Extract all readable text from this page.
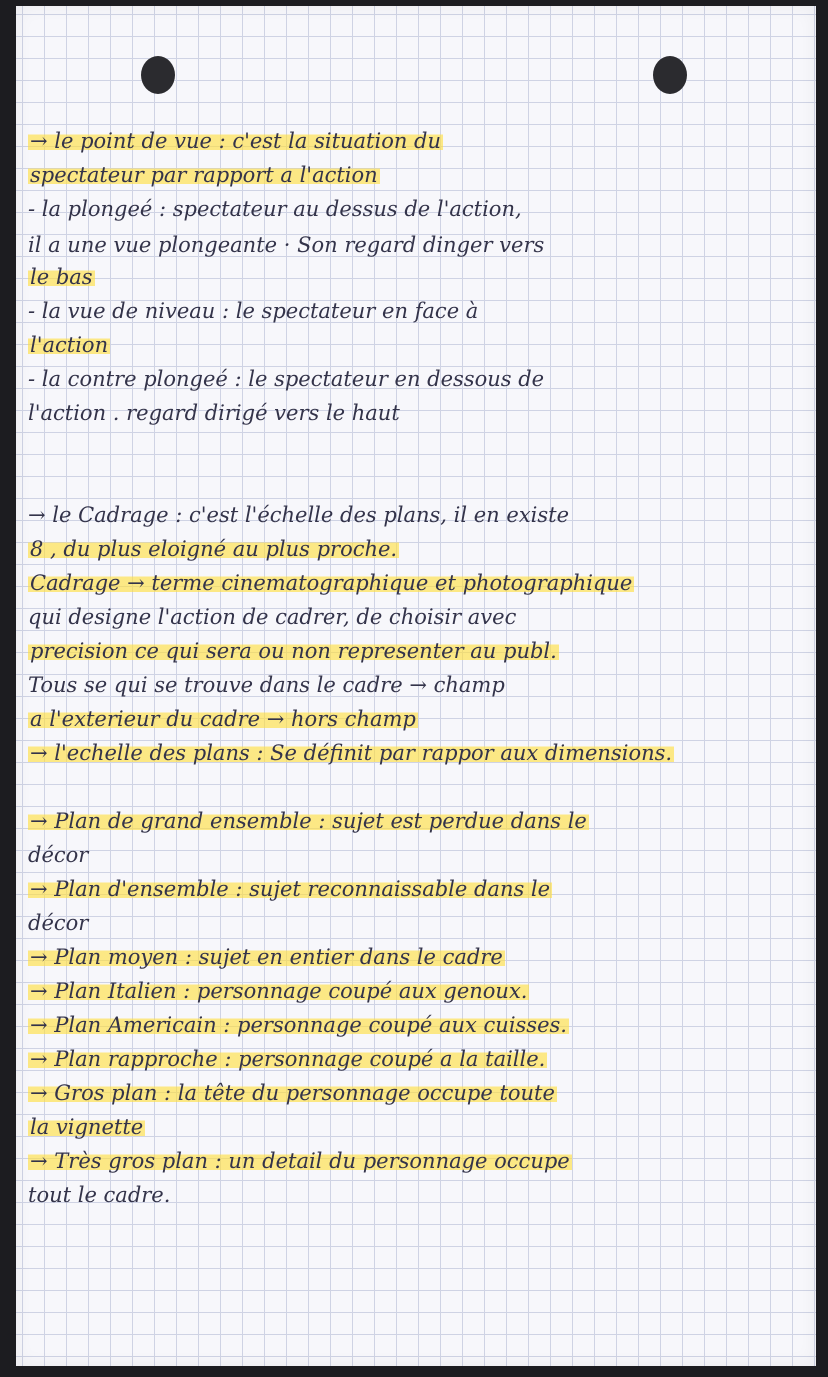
→ le point de vue : c'est la situation du
spectateur par rapport a l'action
- la plongeé : spectateur au dessus de l'action,
il a une vue plongeante · Son regard dinger vers
le bas
- la vue de niveau : le spectateur en face à
l'action
- la contre plongeé : le spectateur en dessous de
l'action . regard dirigé vers le haut
→ le Cadrage : c'est l'échelle des plans, il en existe
8 , du plus eloigné au plus proche.
Cadrage → terme cinematographique et photographique
qui designe l'action de cadrer, de choisir avec
precision ce qui sera ou non representer au publ.
Tous se qui se trouve dans le cadre → champ
a l'exterieur du cadre → hors champ
→ l'echelle des plans : Se définit par rappor aux dimensions.
→ Plan de grand ensemble : sujet est perdue dans le
décor
→ Plan d'ensemble : sujet reconnaissable dans le
décor
→ Plan moyen : sujet en entier dans le cadre
→ Plan Italien : personnage coupé aux genoux.
→ Plan Americain : personnage coupé aux cuisses.
→ Plan rapproche : personnage coupé a la taille.
→ Gros plan : la tête du personnage occupe toute
la vignette
→ Très gros plan : un detail du personnage occupe
tout le cadre.
